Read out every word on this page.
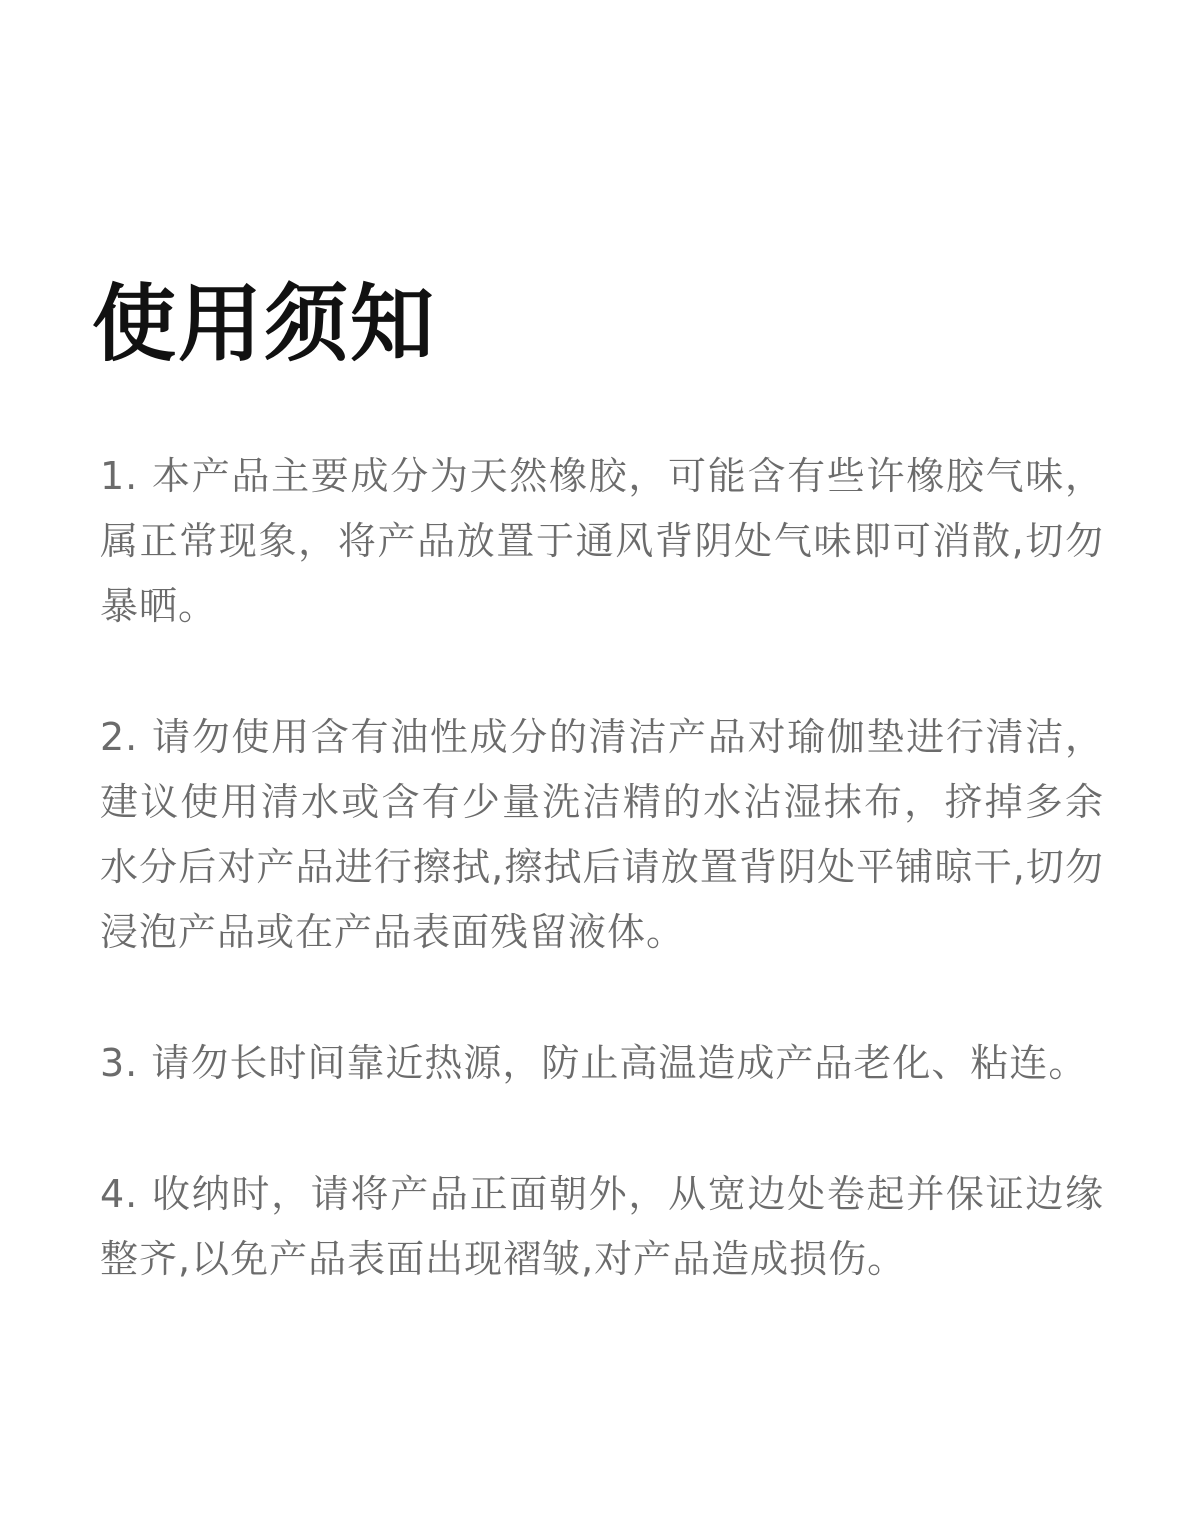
使用须知

1. 本产品主要成分为天然橡胶，可能含有些许橡胶气味，属正常现象，将产品放置于通风背阴处气味即可消散,切勿暴晒。

2. 请勿使用含有油性成分的清洁产品对瑜伽垫进行清洁，建议使用清水或含有少量洗洁精的水沾湿抹布，挤掉多余水分后对产品进行擦拭,擦拭后请放置背阴处平铺晾干,切勿浸泡产品或在产品表面残留液体。

3. 请勿长时间靠近热源，防止高温造成产品老化、粘连。

4. 收纳时，请将产品正面朝外，从宽边处卷起并保证边缘整齐,以免产品表面出现褶皱,对产品造成损伤。
